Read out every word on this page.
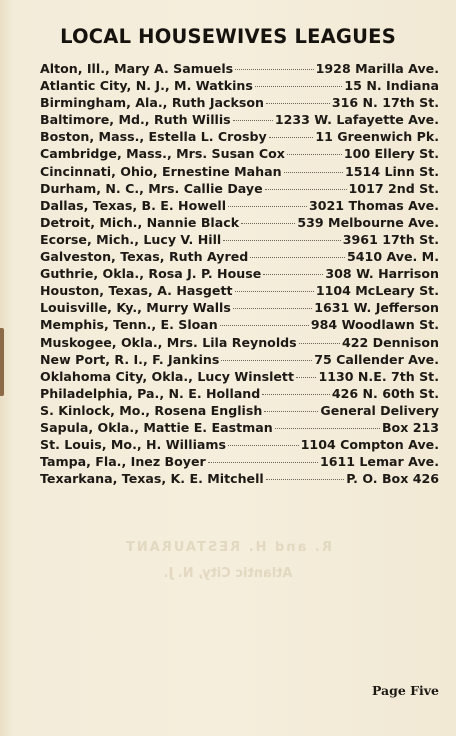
LOCAL HOUSEWIVES LEAGUES
Alton, Ill., Mary A. Samuels	1928 Marilla Ave.
Atlantic City, N. J., M. Watkins	15 N. Indiana
Birmingham, Ala., Ruth Jackson	316 N. 17th St.
Baltimore, Md., Ruth Willis	1233 W. Lafayette Ave.
Boston, Mass., Estella L. Crosby	11 Greenwich Pk.
Cambridge, Mass., Mrs. Susan Cox	100 Ellery St.
Cincinnati, Ohio, Ernestine Mahan	1514 Linn St.
Durham, N. C., Mrs. Callie Daye	1017 2nd St.
Dallas, Texas, B. E. Howell	3021 Thomas Ave.
Detroit, Mich., Nannie Black	539 Melbourne Ave.
Ecorse, Mich., Lucy V. Hill	3961 17th St.
Galveston, Texas, Ruth Ayred	5410 Ave. M.
Guthrie, Okla., Rosa J. P. House	308 W. Harrison
Houston, Texas, A. Hasgett	1104 McLeary St.
Louisville, Ky., Murry Walls	1631 W. Jefferson
Memphis, Tenn., E. Sloan	984 Woodlawn St.
Muskogee, Okla., Mrs. Lila Reynolds	422 Dennison
New Port, R. I., F. Jankins	75 Callender Ave.
Oklahoma City, Okla., Lucy Winslett 1130 N.E. 7th St.
Philadelphia, Pa., N. E. Holland	426 N. 60th St.
S. Kinlock, Mo., Rosena English	General Delivery
Sapula, Okla., Mattie E. Eastman	Box 213
St. Louis, Mo., H. Williams	1104 Compton Ave.
Tampa, Fla., Inez Boyer	1611 Lemar Ave.
Texarkana, Texas, K. E. Mitchell	P. O. Box 426
R. and H. RESTAURANT
Atlantic City, N. J.
Page Five
